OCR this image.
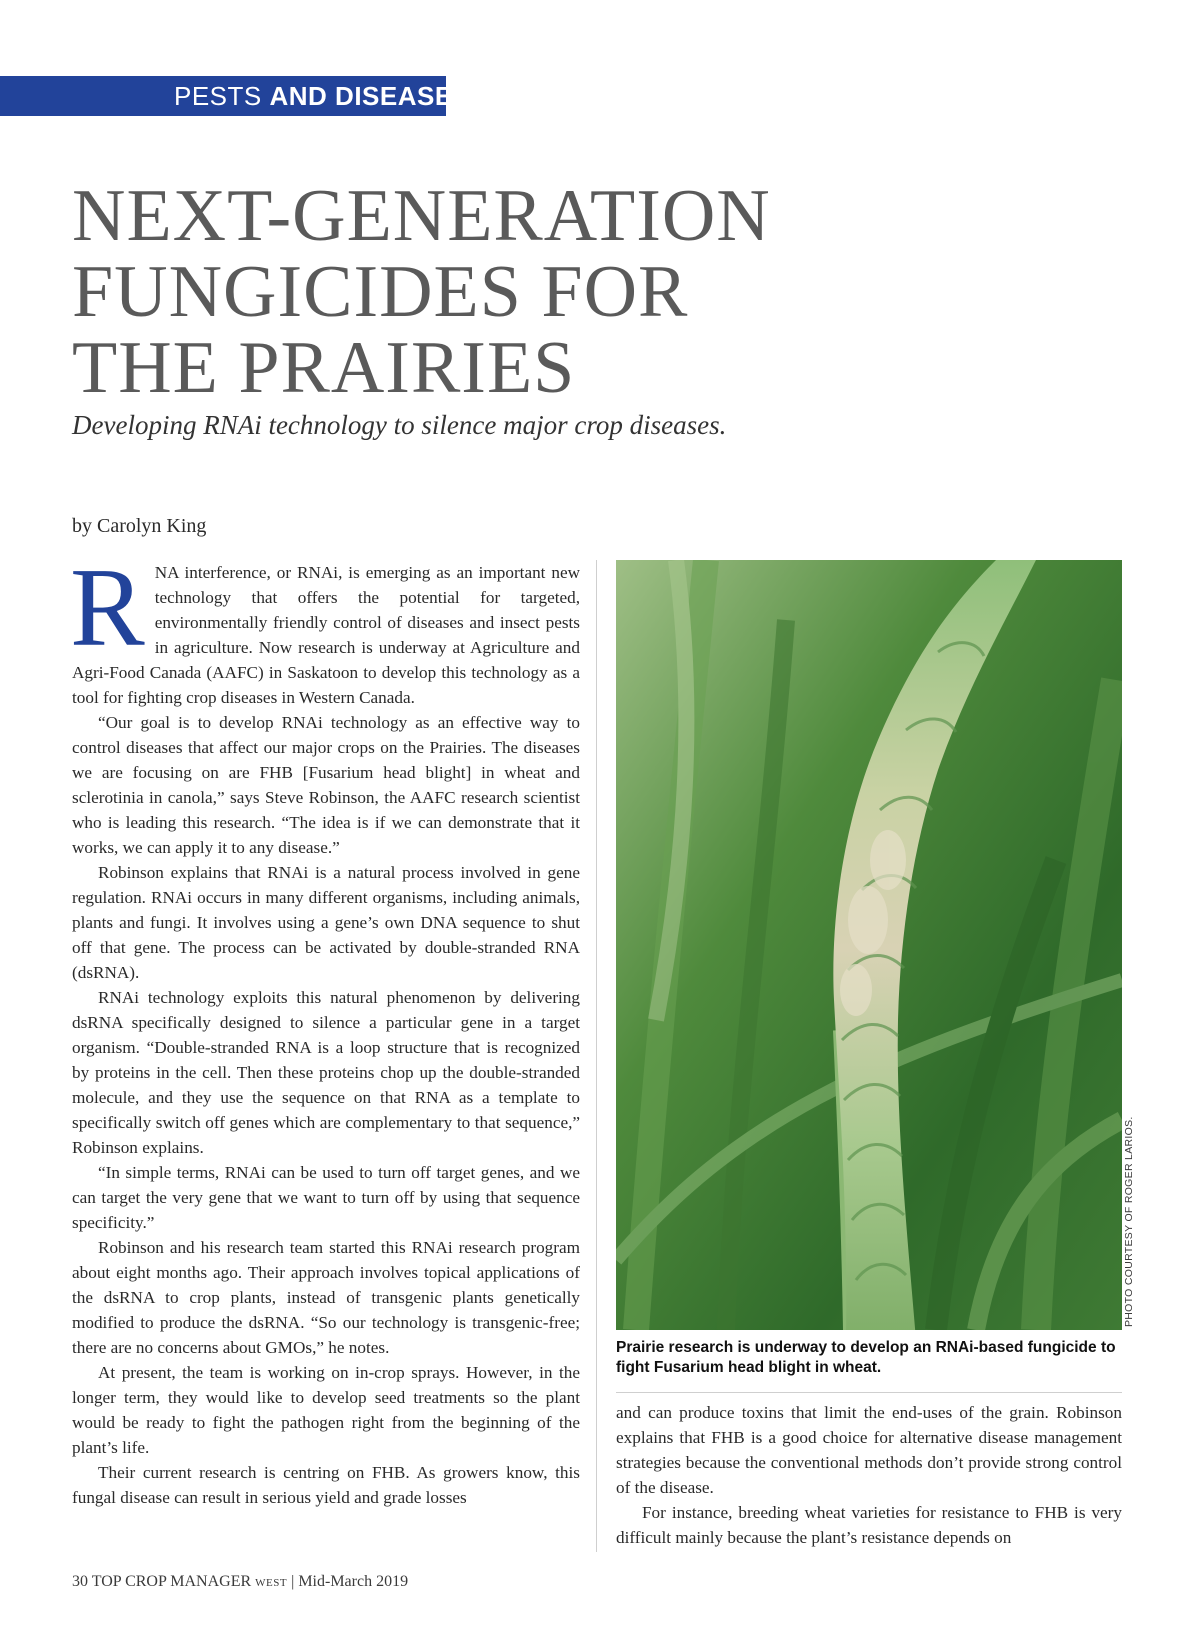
PESTS AND DISEASES
NEXT-GENERATION
FUNGICIDES FOR
THE PRAIRIES

Developing RNAi technology to silence major crop diseases.

by Carolyn King

RNA interference, or RNAi, is emerging as an important new technology that offers the potential for targeted, environmentally friendly control of diseases and insect pests in agriculture. Now research is underway at Agriculture and Agri-Food Canada (AAFC) in Saskatoon to develop this technology as a tool for fighting crop diseases in Western Canada.

“Our goal is to develop RNAi technology as an effective way to control diseases that affect our major crops on the Prairies. The diseases we are focusing on are FHB [Fusarium head blight] in wheat and sclerotinia in canola,” says Steve Robinson, the AAFC research scientist who is leading this research. “The idea is if we can demonstrate that it works, we can apply it to any disease.”

Robinson explains that RNAi is a natural process involved in gene regulation. RNAi occurs in many different organisms, including animals, plants and fungi. It involves using a gene’s own DNA sequence to shut off that gene. The process can be activated by double-stranded RNA (dsRNA).

RNAi technology exploits this natural phenomenon by delivering dsRNA specifically designed to silence a particular gene in a target organism. “Double-stranded RNA is a loop structure that is recognized by proteins in the cell. Then these proteins chop up the double-stranded molecule, and they use the sequence on that RNA as a template to specifically switch off genes which are complementary to that sequence,” Robinson explains.

“In simple terms, RNAi can be used to turn off target genes, and we can target the very gene that we want to turn off by using that sequence specificity.”

Robinson and his research team started this RNAi research program about eight months ago. Their approach involves topical applications of the dsRNA to crop plants, instead of transgenic plants genetically modified to produce the dsRNA. “So our technology is transgenic-free; there are no concerns about GMOs,” he notes.

At present, the team is working on in-crop sprays. However, in the longer term, they would like to develop seed treatments so the plant would be ready to fight the pathogen right from the beginning of the plant’s life.

Their current research is centring on FHB. As growers know, this fungal disease can result in serious yield and grade losses

PHOTO COURTESY OF ROGER LARIOS.
Prairie research is underway to develop an RNAi-based fungicide to fight Fusarium head blight in wheat.

and can produce toxins that limit the end-uses of the grain. Robinson explains that FHB is a good choice for alternative disease management strategies because the conventional methods don’t provide strong control of the disease.

For instance, breeding wheat varieties for resistance to FHB is very difficult mainly because the plant’s resistance depends on

30 TOP CROP MANAGER WEST | Mid-March 2019
